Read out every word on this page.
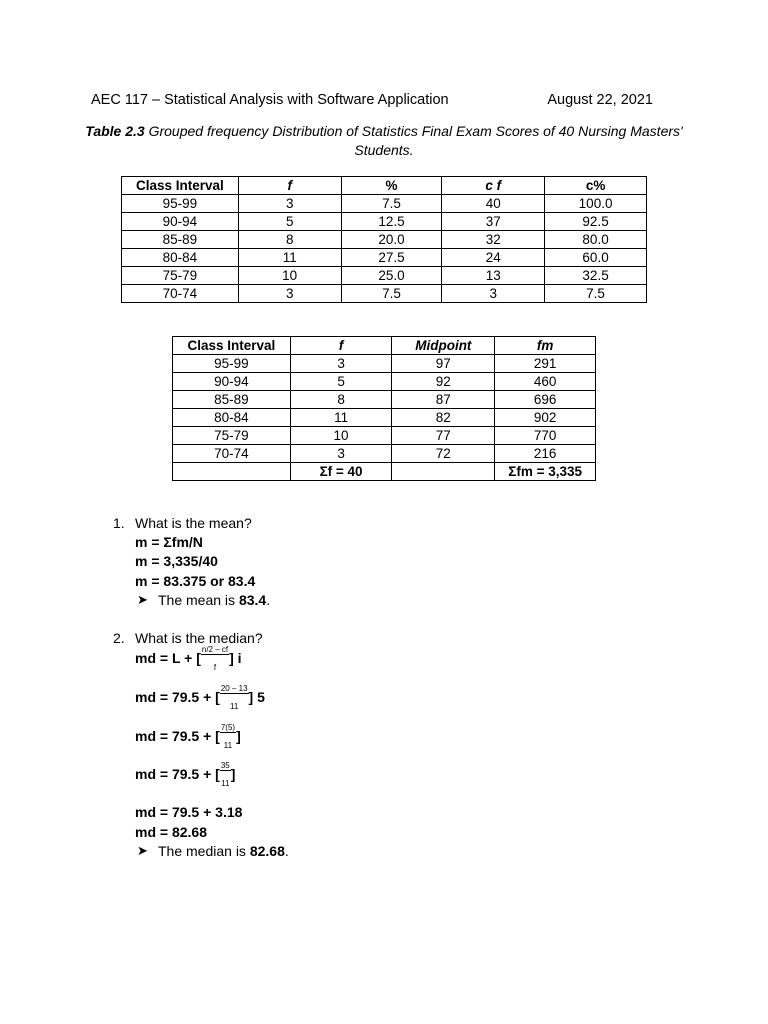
AEC 117 – Statistical Analysis with Software Application	August 22, 2021
Table 2.3 Grouped frequency Distribution of Statistics Final Exam Scores of 40 Nursing Masters' Students.
Class Interval	f	%	c f	c%
95-99	3	7.5	40	100.0
90-94	5	12.5	37	92.5
85-89	8	20.0	32	80.0
80-84	11	27.5	24	60.0
75-79	10	25.0	13	32.5
70-74	3	7.5	3	7.5
Class Interval	f	Midpoint	fm
95-99	3	97	291
90-94	5	92	460
85-89	8	87	696
80-84	11	82	902
75-79	10	77	770
70-74	3	72	216
	Σf = 40		Σfm = 3,335
1. What is the mean?
m = Σfm/N
m = 3,335/40
m = 83.375 or 83.4
➤ The mean is 83.4.
2. What is the median?
md = L + [ $\frac{n/2 - cf}{f}$ ] i
md = 79.5 + [ $\frac{20 - 13}{11}$ ] 5
md = 79.5 + [ $\frac{7(5)}{11}$ ]
md = 79.5 + [ $\frac{35}{11}$ ]
md = 79.5 + 3.18
md = 82.68
➤ The median is 82.68.
